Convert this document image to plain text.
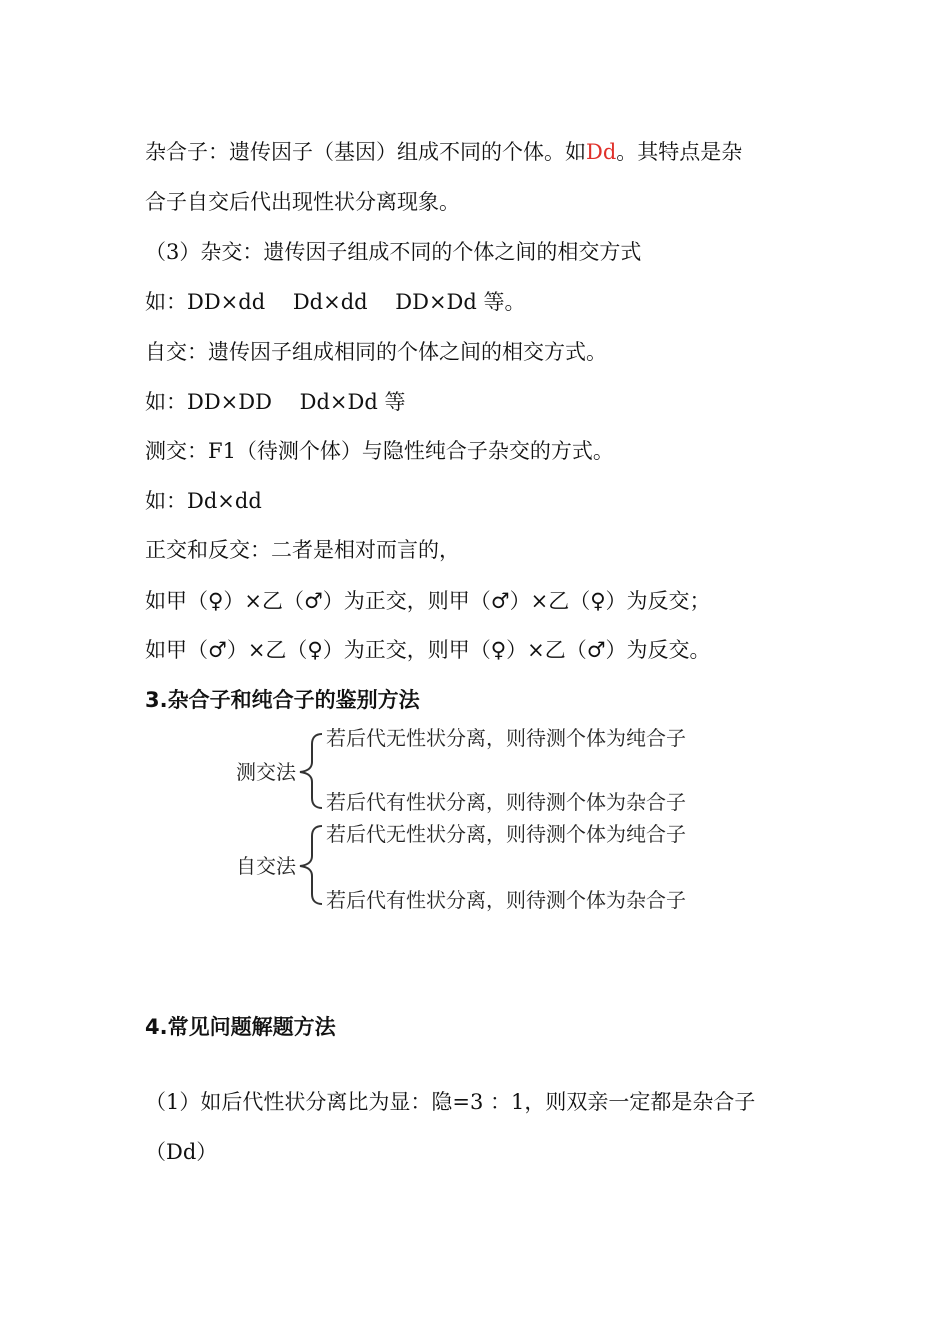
杂合子：遗传因子（基因）组成不同的个体。如Dd。其特点是杂
合子自交后代出现性状分离现象。
（3）杂交：遗传因子组成不同的个体之间的相交方式
如：DD×dd　 Dd×dd　 DD×Dd 等。
自交：遗传因子组成相同的个体之间的相交方式。
如：DD×DD　 Dd×Dd 等
测交：F1（待测个体）与隐性纯合子杂交的方式。
如：Dd×dd
正交和反交：二者是相对而言的，
如甲（♀）×乙（♂）为正交，则甲（♂）×乙（♀）为反交；
如甲（♂）×乙（♀）为正交，则甲（♀）×乙（♂）为反交。
3.杂合子和纯合子的鉴别方法
测交法
若后代无性状分离，则待测个体为纯合子
若后代有性状分离，则待测个体为杂合子
自交法
若后代无性状分离，则待测个体为纯合子
若后代有性状分离，则待测个体为杂合子
4.常见问题解题方法
（1）如后代性状分离比为显：隐=3 ：1，则双亲一定都是杂合子
（Dd）
